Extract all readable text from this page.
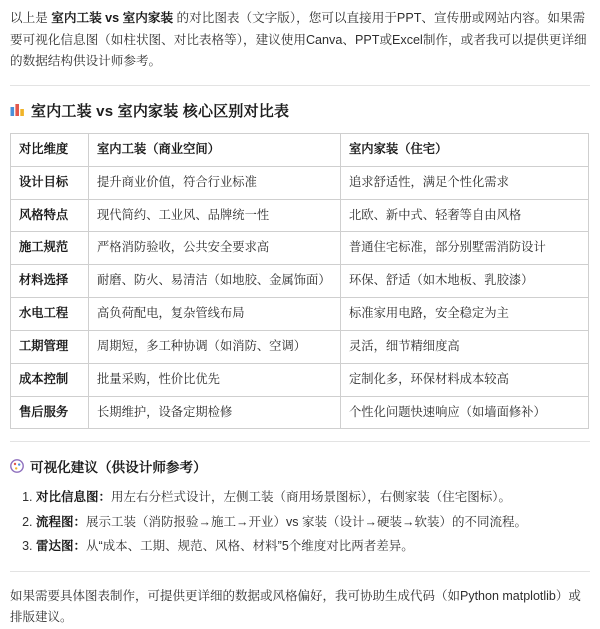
以上是 室内工装 vs 室内家装 的对比图表（文字版），您可以直接用于PPT、宣传册或网站内容。如果需要可视化信息图（如柱状图、对比表格等），建议使用Canva、PPT或Excel制作，或者我可以提供更详细的数据结构供设计师参考。

室内工装 vs 室内家装 核心区别对比表
对比维度	室内工装（商业空间）	室内家装（住宅）
设计目标	提升商业价值，符合行业标准	追求舒适性，满足个性化需求
风格特点	现代简约、工业风、品牌统一性	北欧、新中式、轻奢等自由风格
施工规范	严格消防验收，公共安全要求高	普通住宅标准，部分别墅需消防设计
材料选择	耐磨、防火、易清洁（如地胶、金属饰面）	环保、舒适（如木地板、乳胶漆）
水电工程	高负荷配电，复杂管线布局	标准家用电路，安全稳定为主
工期管理	周期短，多工种协调（如消防、空调）	灵活，细节精细度高
成本控制	批量采购，性价比优先	定制化多，环保材料成本较高
售后服务	长期维护，设备定期检修	个性化问题快速响应（如墙面修补）
可视化建议（供设计师参考）
1. 对比信息图：用左右分栏式设计，左侧工装（商用场景图标），右侧家装（住宅图标）。
2. 流程图：展示工装（消防报验→施工→开业）vs 家装（设计→硬装→软装）的不同流程。
3. 雷达图：从“成本、工期、规范、风格、材料”5个维度对比两者差异。

如果需要具体图表制作，可提供更详细的数据或风格偏好，我可协助生成代码（如Python matplotlib）或排版建议。
